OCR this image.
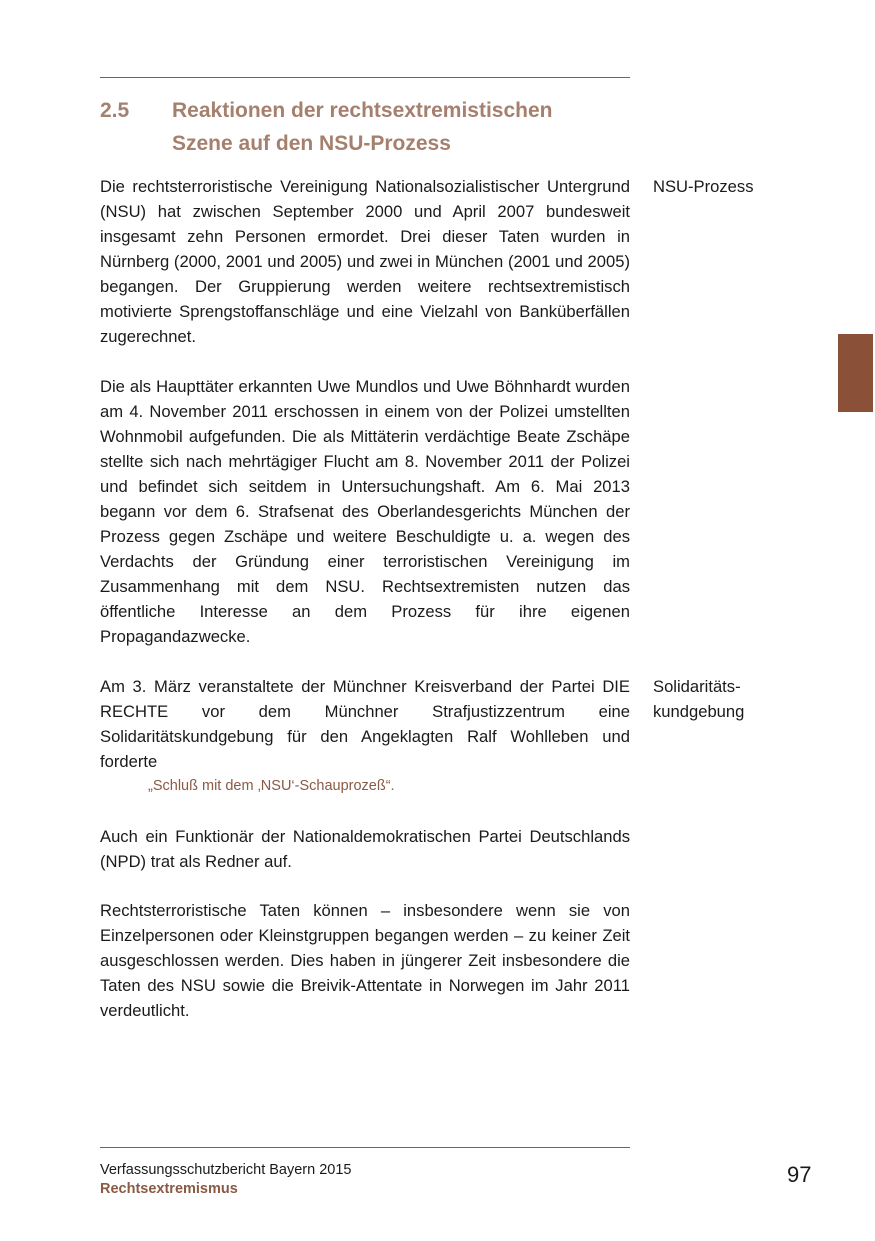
2.5 Reaktionen der rechtsextremistischen
Szene auf den NSU-Prozess

Die rechtsterroristische Vereinigung Nationalsozialistischer Untergrund (NSU) hat zwischen September 2000 und April 2007 bundesweit insgesamt zehn Personen ermordet. Drei dieser Taten wurden in Nürnberg (2000, 2001 und 2005) und zwei in München (2001 und 2005) begangen. Der Gruppierung werden weitere rechtsextremistisch motivierte Sprengstoffanschläge und eine Vielzahl von Banküberfällen zugerechnet.

NSU-Prozess

Die als Haupttäter erkannten Uwe Mundlos und Uwe Böhnhardt wurden am 4. November 2011 erschossen in einem von der Polizei umstellten Wohnmobil aufgefunden. Die als Mittäterin verdächtige Beate Zschäpe stellte sich nach mehrtägiger Flucht am 8. November 2011 der Polizei und befindet sich seitdem in Untersuchungshaft. Am 6. Mai 2013 begann vor dem 6. Strafsenat des Oberlandesgerichts München der Prozess gegen Zschäpe und weitere Beschuldigte u. a. wegen des Verdachts der Gründung einer terroristischen Vereinigung im Zusammenhang mit dem NSU. Rechtsextremisten nutzen das öffentliche Interesse an dem Prozess für ihre eigenen Propagandazwecke.

Am 3. März veranstaltete der Münchner Kreisverband der Partei DIE RECHTE vor dem Münchner Strafjustizzentrum eine Solidaritätskundgebung für den Angeklagten Ralf Wohlleben und forderte

Solidaritäts-
kundgebung
„Schluß mit dem ‚NSU‘-Schauprozeß“.

Auch ein Funktionär der Nationaldemokratischen Partei Deutschlands (NPD) trat als Redner auf.

Rechtsterroristische Taten können – insbesondere wenn sie von Einzelpersonen oder Kleinstgruppen begangen werden – zu keiner Zeit ausgeschlossen werden. Dies haben in jüngerer Zeit insbesondere die Taten des NSU sowie die Breivik-Attentate in Norwegen im Jahr 2011 verdeutlicht.

Verfassungsschutzbericht Bayern 2015
Rechtsextremismus
97
